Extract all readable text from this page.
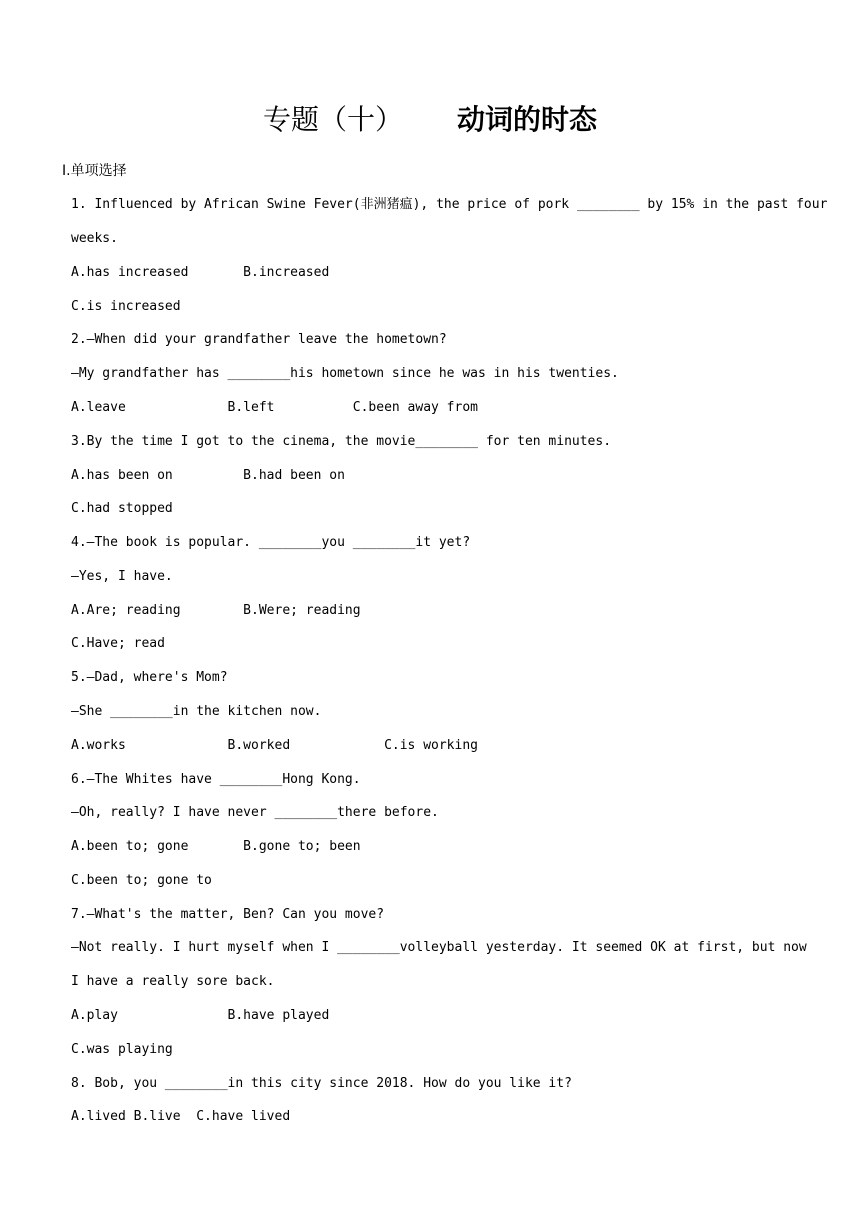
专题（十） 动词的时态
Ⅰ.单项选择
1. Influenced by African Swine Fever(非洲猪瘟), the price of pork ________ by 15% in the past four
weeks.
A.has increased       B.increased
C.is increased
2.—When did your grandfather leave the hometown?
—My grandfather has ________his hometown since he was in his twenties.
A.leave             B.left          C.been away from
3.By the time I got to the cinema, the movie________ for ten minutes.
A.has been on         B.had been on
C.had stopped
4.—The book is popular. ________you ________it yet?
—Yes, I have.
A.Are; reading        B.Were; reading
C.Have; read
5.—Dad, where's Mom?
—She ________in the kitchen now.
A.works             B.worked            C.is working
6.—The Whites have ________Hong Kong.
—Oh, really? I have never ________there before.
A.been to; gone       B.gone to; been
C.been to; gone to
7.—What's the matter, Ben? Can you move?
—Not really. I hurt myself when I ________volleyball yesterday. It seemed OK at first, but now
I have a really sore back.
A.play              B.have played
C.was playing
8. Bob, you ________in this city since 2018. How do you like it?
A.lived B.live  C.have lived
